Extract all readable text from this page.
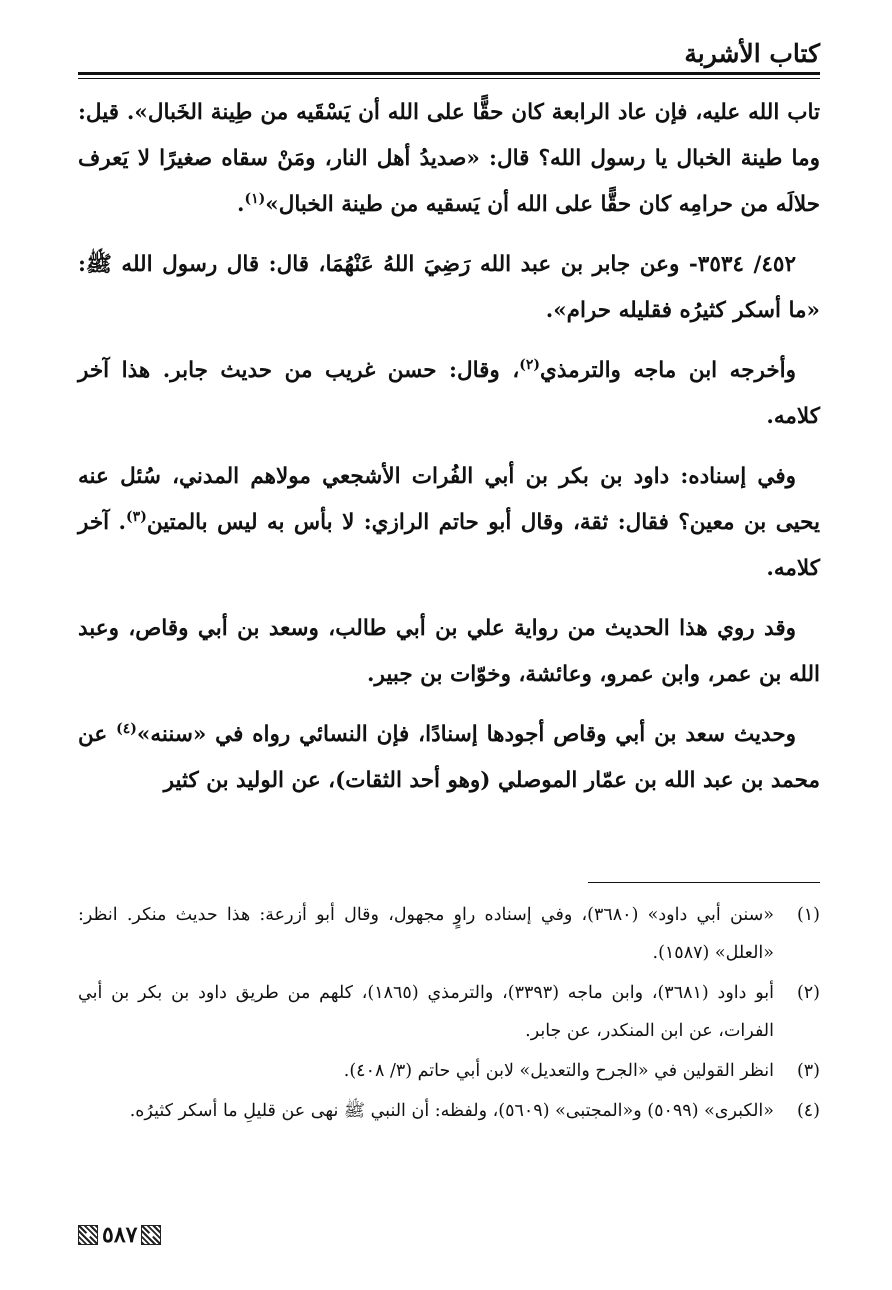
كتاب الأشربة

تاب الله عليه، فإن عاد الرابعة كان حقًّا على الله أن يَسْقَيه من طِينة الخَبال». قيل: وما طينة الخبال يا رسول الله؟ قال: «صديدُ أهل النار، ومَنْ سقاه صغيرًا لا يَعرف حلالَه من حرامِه كان حقًّا على الله أن يَسقيه من طينة الخبال»$^{(١)}$.

٤٥٢/ ٣٥٣٤- وعن جابر بن عبد الله رَضِيَ اللهُ عَنْهُمَا، قال: قال رسول الله ﷺ: «ما أسكر كثيرُه فقليله حرام».

وأخرجه ابن ماجه والترمذي$^{(٢)}$، وقال: حسن غريب من حديث جابر. هذا آخر كلامه.

وفي إسناده: داود بن بكر بن أبي الفُرات الأشجعي مولاهم المدني، سُئل عنه يحيى بن معين؟ فقال: ثقة، وقال أبو حاتم الرازي: لا بأس به ليس بالمتين$^{(٣)}$. آخر كلامه.

وقد روي هذا الحديث من رواية علي بن أبي طالب، وسعد بن أبي وقاص، وعبد الله بن عمر، وابن عمرو، وعائشة، وخوّات بن جبير.

وحديث سعد بن أبي وقاص أجودها إسنادًا، فإن النسائي رواه في «سننه»$^{(٤)}$ عن محمد بن عبد الله بن عمّار الموصلي (وهو أحد الثقات)، عن الوليد بن كثير

(١)
«سنن أبي داود» (٣٦٨٠)، وفي إسناده راوٍ مجهول، وقال أبو أزرعة: هذا حديث منكر. انظر: «العلل» (١٥٨٧).
(٢)
أبو داود (٣٦٨١)، وابن ماجه (٣٣٩٣)، والترمذي (١٨٦٥)، كلهم من طريق داود بن بكر بن أبي الفرات، عن ابن المنكدر، عن جابر.
(٣)
انظر القولين في «الجرح والتعديل» لابن أبي حاتم (٣/ ٤٠٨).
(٤)
«الكبرى» (٥٠٩٩) و«المجتبى» (٥٦٠٩)، ولفظه: أن النبي ﷺ نهى عن قليلِ ما أسكر كثيرُه.
٥٨٧
